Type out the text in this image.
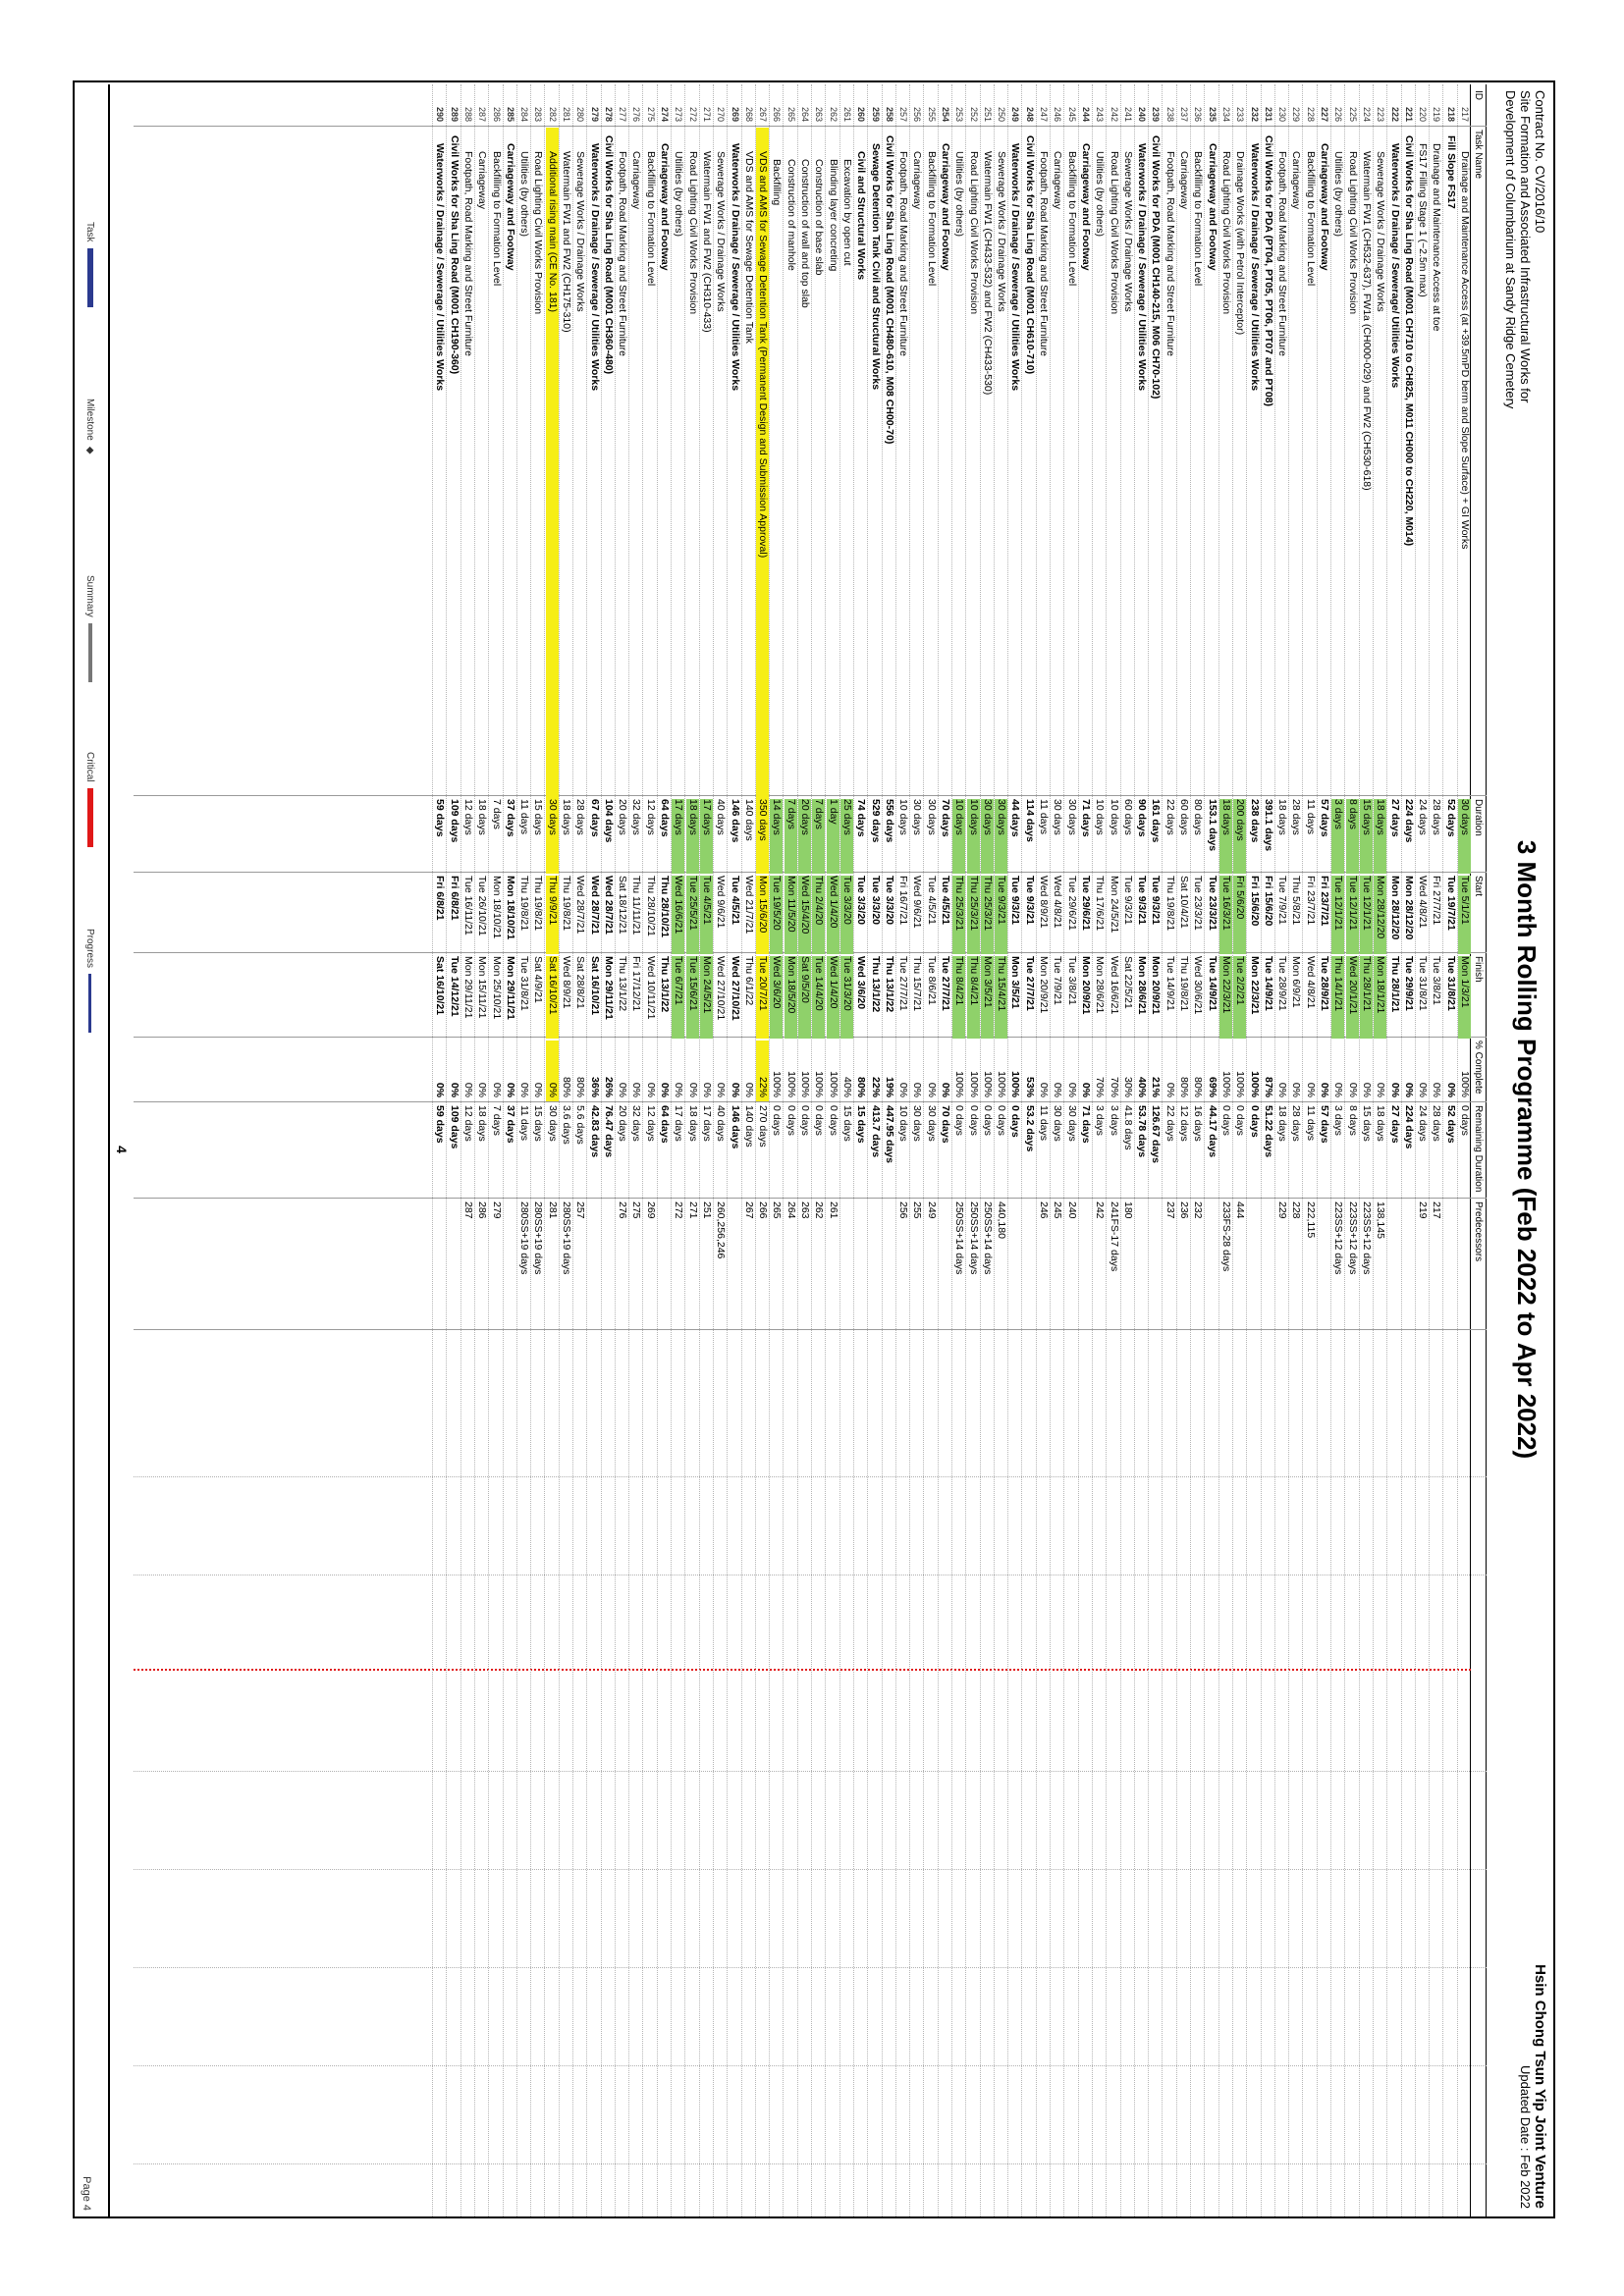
Contract No. CV/2016/10
Site Formation and Associated Infrastructural Works for
Development of Columbarium at Sandy Ridge Cemetery
3 Month Rolling Programme (Feb 2022 to Apr 2022)
Hsin Chong Tsun Yip Joint Venture
Updated Date : Feb 2022
ID
Task Name
Duration
Start
Finish
% Complete
Remaining Duration
Predecessors
217
Drainage and Maintenance Access (at +39.5mPD berm and Slope Surface) + GI Works
30 days
Tue 5/1/21
Mon 1/3/21
100%
0 days
218
Fill Slope FS17
52 days
Tue 19/7/21
Tue 31/8/21
0%
52 days
219
Drainage and Maintenance Access at toe
28 days
Fri 27/7/21
Tue 3/8/21
0%
28 days
217
220
FS17 Filling Stage 1 (~2.5m max)
24 days
Wed 4/8/21
Tue 31/8/21
0%
24 days
219
221
Civil Works for Sha Ling Road (M001 CH710 to CH825, M011 CH000 to CH220, M014)
224 days
Mon 28/12/20
Tue 29/9/21
0%
224 days
222
Waterworks / Drainage / Sewerage/ Utilities Works
27 days
Mon 28/12/20
Thu 28/1/21
0%
27 days
223
Sewerage Works / Drainage Works
18 days
Mon 28/12/20
Mon 18/1/21
0%
18 days
138,145
224
Watermain FW1 (CH532-637), FW1a (CH000-029) and FW2 (CH530-618)
15 days
Tue 12/1/21
Thu 28/1/21
0%
15 days
223SS+12 days
225
Road Lighting Civil Works Provision
8 days
Tue 12/1/21
Wed 20/1/21
0%
8 days
223SS+12 days
226
Utilities (by others)
3 days
Tue 12/1/21
Thu 14/1/21
0%
3 days
223SS+12 days
227
Carriageway and Footway
57 days
Fri 23/7/21
Tue 28/9/21
0%
57 days
228
Backfilling to Formation Level
11 days
Fri 23/7/21
Wed 4/8/21
0%
11 days
222,115
229
Carriageway
28 days
Thu 5/8/21
Mon 6/9/21
0%
28 days
228
230
Footpath, Road Marking and Street Furniture
18 days
Tue 7/9/21
Tue 28/9/21
0%
18 days
229
231
Civil Works for PDA (PT04, PT05, PT06, PT07 and PT08)
391.1 days
Fri 15/6/20
Tue 14/9/21
87%
51.22 days
232
Waterworks / Drainage / Sewerage / Utilities Works
238 days
Fri 15/6/20
Mon 22/3/21
100%
0 days
233
Drainage Works (with Petrol Interceptor)
200 days
Fri 5/6/20
Tue 2/2/21
100%
0 days
444
234
Road Lighting Civil Works Provision
18 days
Tue 16/3/21
Mon 22/3/21
100%
0 days
233FS-28 days
235
Carriageway and Footway
153.1 days
Tue 23/3/21
Tue 14/9/21
69%
44.17 days
236
Backfilling to Formation Level
80 days
Tue 23/3/21
Wed 30/6/21
80%
16 days
232
237
Carriageway
60 days
Sat 10/4/21
Thu 19/8/21
80%
12 days
236
238
Footpath, Road Marking and Street Furniture
22 days
Thu 19/8/21
Tue 14/9/21
0%
22 days
237
239
Civil Works for PDA (M001 CH140-215, M06 CH70-102)
161 days
Tue 9/3/21
Mon 20/9/21
21%
126.67 days
240
Waterworks / Drainage / Sewerage / Utilities Works
90 days
Tue 9/3/21
Mon 28/6/21
40%
53.78 days
241
Sewerage Works / Drainage Works
60 days
Tue 9/3/21
Sat 22/5/21
30%
41.8 days
180
242
Road Lighting Civil Works Provision
10 days
Mon 24/5/21
Wed 16/6/21
70%
3 days
241FS-17 days
243
Utilities (by others)
10 days
Thu 17/6/21
Mon 28/6/21
70%
3 days
242
244
Carriageway and Footway
71 days
Tue 29/6/21
Mon 20/9/21
0%
71 days
245
Backfilling to Formation Level
30 days
Tue 29/6/21
Tue 3/8/21
0%
30 days
240
246
Carriageway
30 days
Wed 4/8/21
Tue 7/9/21
0%
30 days
245
247
Footpath, Road Marking and Street Furniture
11 days
Wed 8/9/21
Mon 20/9/21
0%
11 days
246
248
Civil Works for Sha Ling Road (M001 CH610-710)
114 days
Tue 9/3/21
Tue 27/7/21
53%
53.2 days
249
Waterworks / Drainage / Sewerage / Utilities Works
44 days
Tue 9/3/21
Mon 3/5/21
100%
0 days
250
Sewerage Works / Drainage Works
30 days
Tue 9/3/21
Thu 15/4/21
100%
0 days
440,180
251
Watermain FW1 (CH433-532) and FW2 (CH433-530)
30 days
Thu 25/3/21
Mon 3/5/21
100%
0 days
250SS+14 days
252
Road Lighting Civil Works Provision
10 days
Thu 25/3/21
Thu 8/4/21
100%
0 days
250SS+14 days
253
Utilities (by others)
10 days
Thu 25/3/21
Thu 8/4/21
100%
0 days
250SS+14 days
254
Carriageway and Footway
70 days
Tue 4/5/21
Tue 27/7/21
0%
70 days
255
Backfilling to Formation Level
30 days
Tue 4/5/21
Tue 8/6/21
0%
30 days
249
256
Carriageway
30 days
Wed 9/6/21
Thu 15/7/21
0%
30 days
255
257
Footpath, Road Marking and Street Furniture
10 days
Fri 16/7/21
Tue 27/7/21
0%
10 days
256
258
Civil Works for Sha Ling Road (M001 CH480-610, M08 CH00-70)
556 days
Tue 3/3/20
Thu 13/1/22
19%
447.95 days
259
Sewage Detention Tank Civil and Structural Works
529 days
Tue 3/3/20
Thu 13/1/22
22%
413.7 days
260
Civil and Structural Works
74 days
Tue 3/3/20
Wed 3/6/20
80%
15 days
261
Excavation by open cut
25 days
Tue 3/3/20
Tue 31/3/20
40%
15 days
262
Blinding layer concreting
1 day
Wed 1/4/20
Wed 1/4/20
100%
0 days
261
263
Construction of base slab
7 days
Thu 2/4/20
Tue 14/4/20
100%
0 days
262
264
Construction of wall and top slab
20 days
Wed 15/4/20
Sat 9/5/20
100%
0 days
263
265
Construction of manhole
7 days
Mon 11/5/20
Mon 18/5/20
100%
0 days
264
266
Backfilling
14 days
Tue 19/5/20
Wed 3/6/20
100%
0 days
265
267
VDS and AMS for Sewage Detention Tank (Permanent Design and Submission Approval)
350 days
Mon 15/6/20
Tue 20/7/21
22%
270 days
266
268
VDS and AMS for Sewage Detention Tank
140 days
Wed 21/7/21
Thu 6/1/22
0%
140 days
267
269
Waterworks / Drainage / Sewerage / Utilities Works
146 days
Tue 4/5/21
Wed 27/10/21
0%
146 days
270
Sewerage Works / Drainage Works
40 days
Wed 9/6/21
Wed 27/10/21
0%
40 days
260,256,246
271
Watermain FW1 and FW2 (CH310-433)
17 days
Tue 4/5/21
Mon 24/5/21
0%
17 days
251
272
Road Lighting Civil Works Provision
18 days
Tue 25/5/21
Tue 15/6/21
0%
18 days
271
273
Utilities (by others)
17 days
Wed 16/6/21
Tue 6/7/21
0%
17 days
272
274
Carriageway and Footway
64 days
Thu 28/10/21
Thu 13/1/22
0%
64 days
275
Backfilling to Formation Level
12 days
Thu 28/10/21
Wed 10/11/21
0%
12 days
269
276
Carriageway
32 days
Thu 11/11/21
Fri 17/12/21
0%
32 days
275
277
Footpath, Road Marking and Street Furniture
20 days
Sat 18/12/21
Thu 13/1/22
0%
20 days
276
278
Civil Works for Sha Ling Road (M001 CH360-480)
104 days
Wed 28/7/21
Mon 29/11/21
26%
76.47 days
279
Waterworks / Drainage / Sewerage / Utilities Works
67 days
Wed 28/7/21
Sat 16/10/21
36%
42.83 days
280
Sewerage Works / Drainage Works
28 days
Wed 28/7/21
Sat 28/8/21
80%
5.6 days
257
281
Watermain FW1 and FW2 (CH175-310)
18 days
Thu 19/8/21
Wed 8/9/21
80%
3.6 days
280SS+19 days
282
Additional rising main (CE No. 181)
30 days
Thu 9/9/21
Sat 16/10/21
0%
30 days
281
283
Road Lighting Civil Works Provision
15 days
Thu 19/8/21
Sat 4/9/21
0%
15 days
280SS+19 days
284
Utilities (by others)
11 days
Thu 19/8/21
Tue 31/8/21
0%
11 days
280SS+19 days
285
Carriageway and Footway
37 days
Mon 18/10/21
Mon 29/11/21
0%
37 days
286
Backfilling to Formation Level
7 days
Mon 18/10/21
Mon 25/10/21
0%
7 days
279
287
Carriageway
18 days
Tue 26/10/21
Mon 15/11/21
0%
18 days
286
288
Footpath, Road Marking and Street Furniture
12 days
Tue 16/11/21
Mon 29/11/21
0%
12 days
287
289
Civil Works for Sha Ling Road (M001 CH190-360)
109 days
Fri 6/8/21
Tue 14/12/21
0%
109 days
290
Waterworks / Drainage / Sewerage / Utilities Works
59 days
Fri 6/8/21
Sat 16/10/21
0%
59 days
4
Task
Milestone
◆
Summary
Critical
Progress
Page 4
